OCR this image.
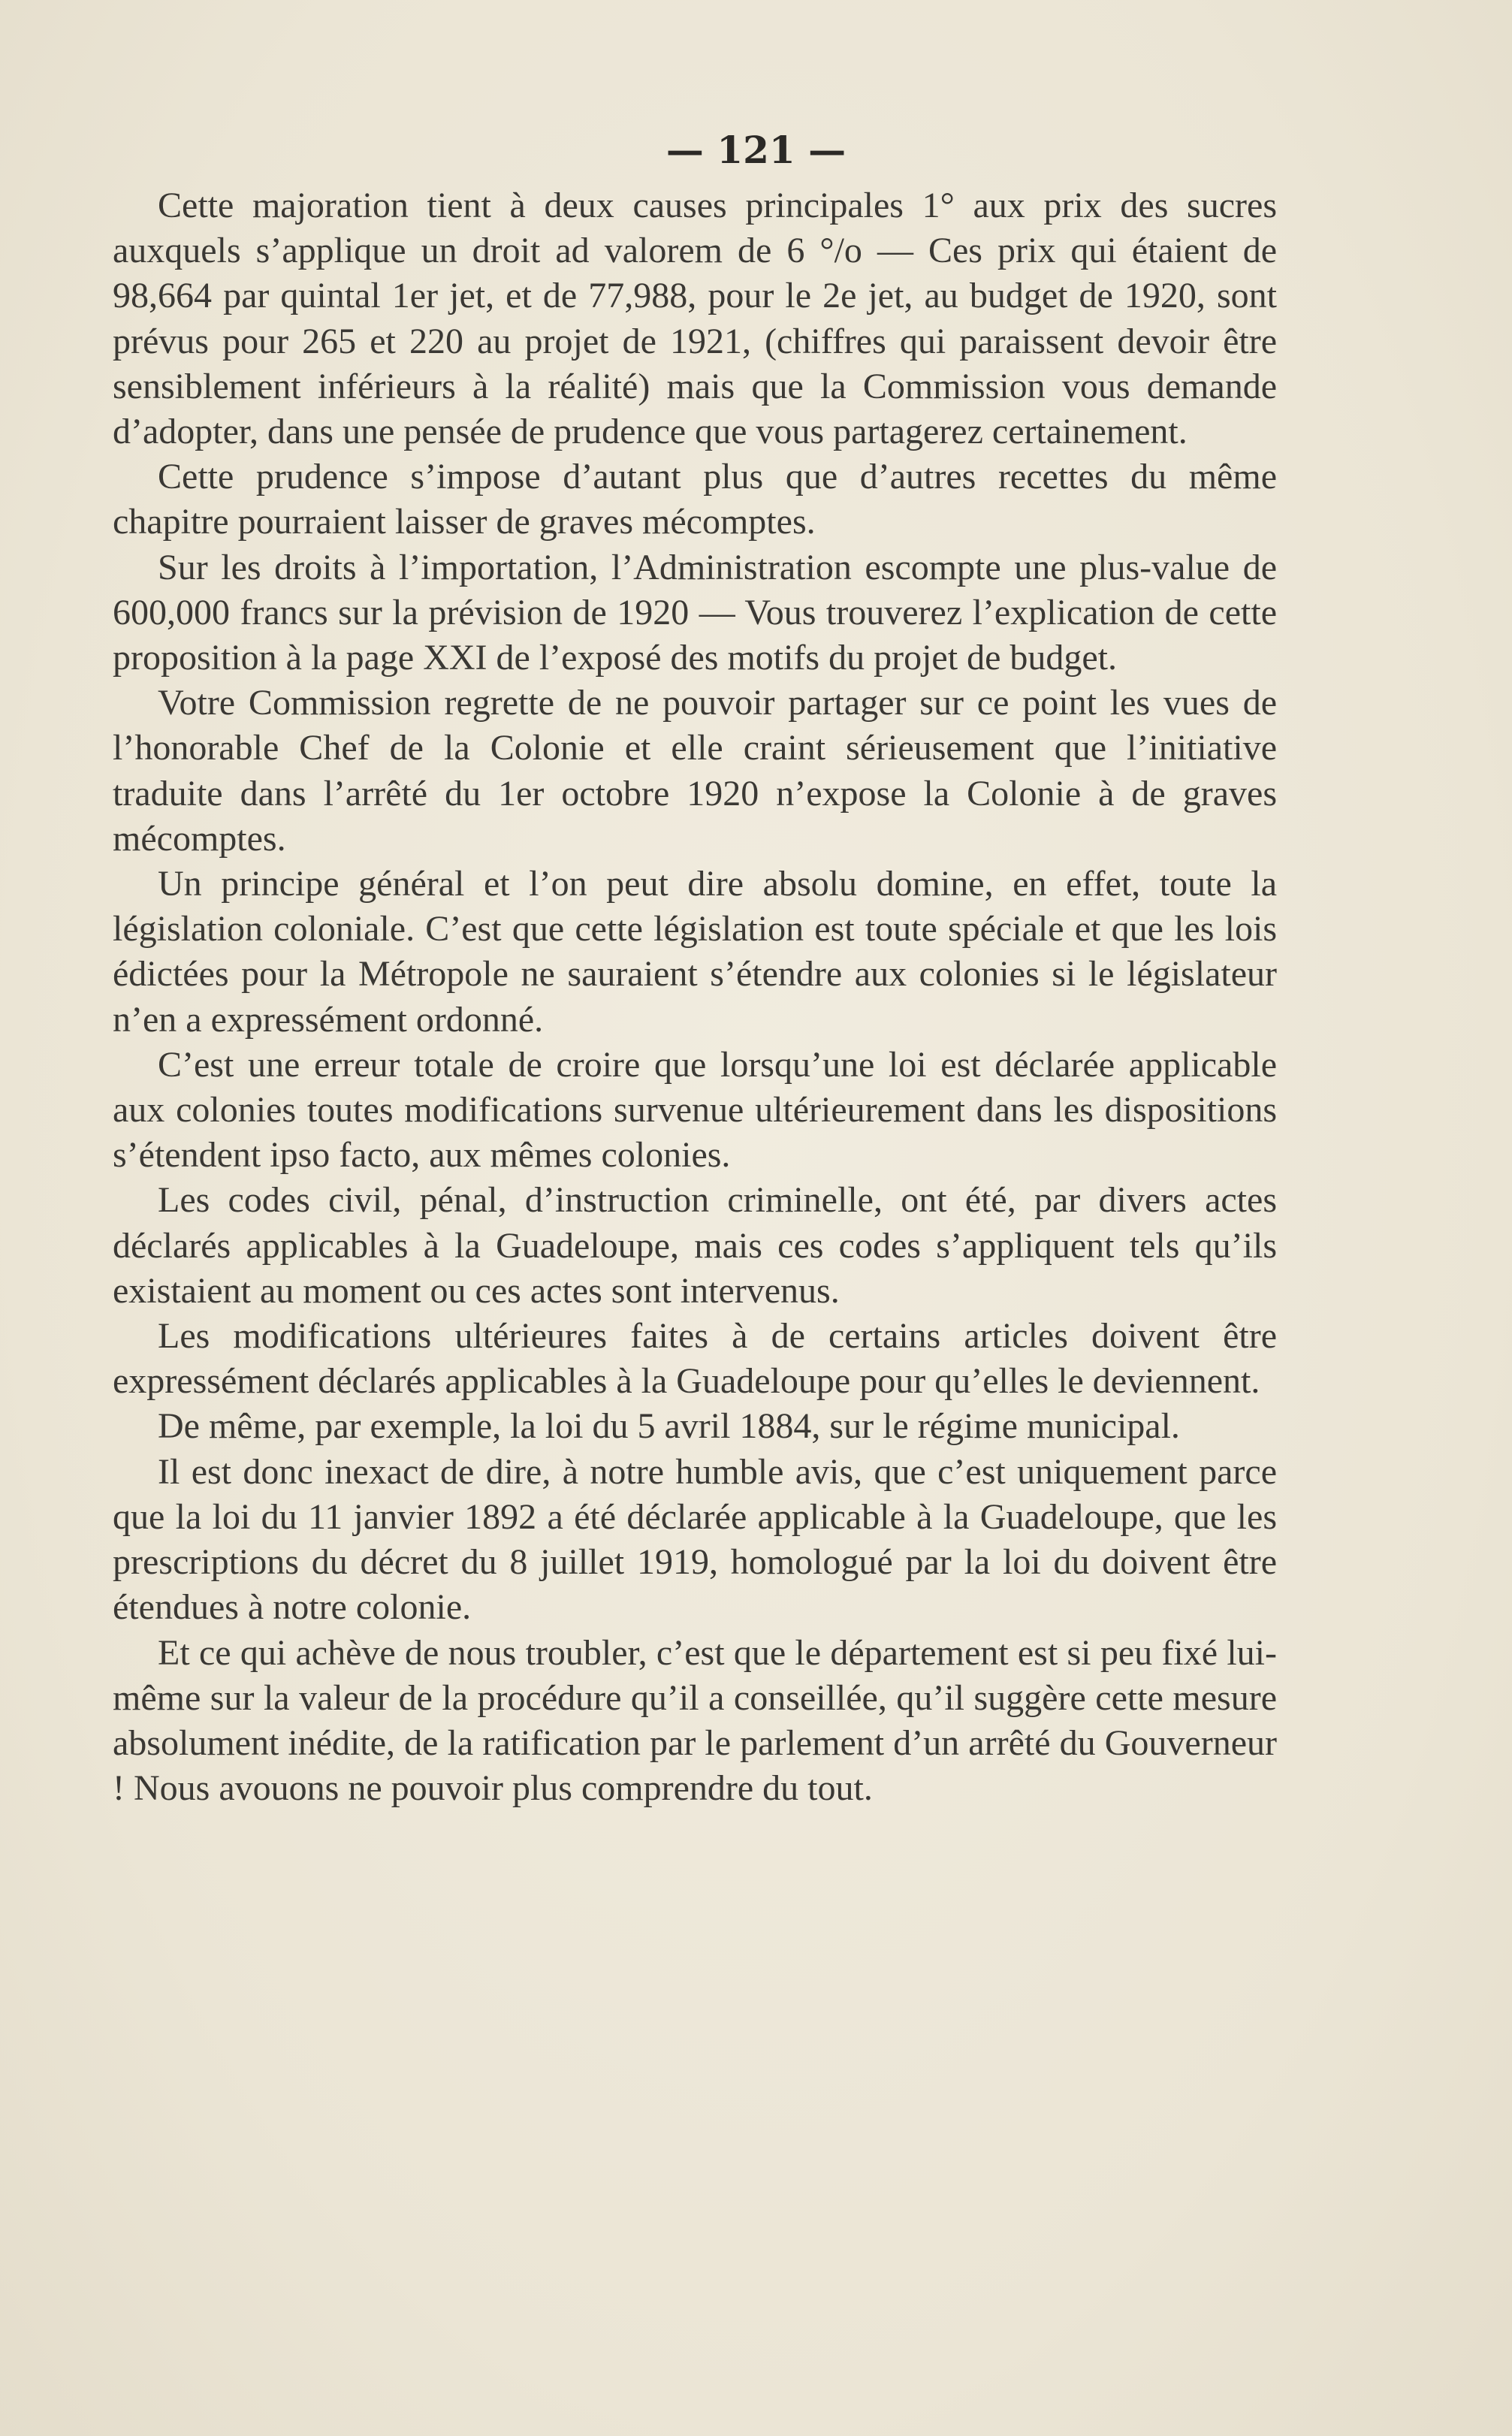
— 121 —

Cette majoration tient à deux causes principales 1° aux prix des sucres auxquels s’applique un droit ad valorem de 6 °/o — Ces prix qui étaient de 98,664 par quintal 1er jet, et de 77,988, pour le 2e jet, au budget de 1920, sont prévus pour 265 et 220 au projet de 1921, (chiffres qui paraissent devoir être sensiblement inférieurs à la réalité) mais que la Commission vous demande d’adopter, dans une pensée de prudence que vous partagerez certainement.

Cette prudence s’impose d’autant plus que d’autres recettes du même chapitre pourraient laisser de graves mécomptes.

Sur les droits à l’importation, l’Administration escompte une plus-value de 600,000 francs sur la prévision de 1920 — Vous trouverez l’explication de cette proposition à la page XXI de l’exposé des motifs du projet de budget.

Votre Commission regrette de ne pouvoir partager sur ce point les vues de l’honorable Chef de la Colonie et elle craint sérieusement que l’initiative traduite dans l’arrêté du 1er octobre 1920 n’expose la Colonie à de graves mécomptes.

Un principe général et l’on peut dire absolu domine, en effet, toute la législation coloniale. C’est que cette législation est toute spéciale et que les lois édictées pour la Métropole ne sauraient s’étendre aux colonies si le législateur n’en a expressément ordonné.

C’est une erreur totale de croire que lorsqu’une loi est déclarée applicable aux colonies toutes modifications survenue ultérieurement dans les dispositions s’étendent ipso facto, aux mêmes colonies.

Les codes civil, pénal, d’instruction criminelle, ont été, par divers actes déclarés applicables à la Guadeloupe, mais ces codes s’appliquent tels qu’ils existaient au moment ou ces actes sont intervenus.

Les modifications ultérieures faites à de certains articles doivent être expressément déclarés applicables à la Guadeloupe pour qu’elles le deviennent.

De même, par exemple, la loi du 5 avril 1884, sur le régime municipal.

Il est donc inexact de dire, à notre humble avis, que c’est uniquement parce que la loi du 11 janvier 1892 a été déclarée applicable à la Guadeloupe, que les prescriptions du décret du 8 juillet 1919, homologué par la loi du doivent être étendues à notre colonie.

Et ce qui achève de nous troubler, c’est que le département est si peu fixé lui-même sur la valeur de la procédure qu’il a conseillée, qu’il suggère cette mesure absolument inédite, de la ratification par le parlement d’un arrêté du Gouverneur ! Nous avouons ne pouvoir plus comprendre du tout.
